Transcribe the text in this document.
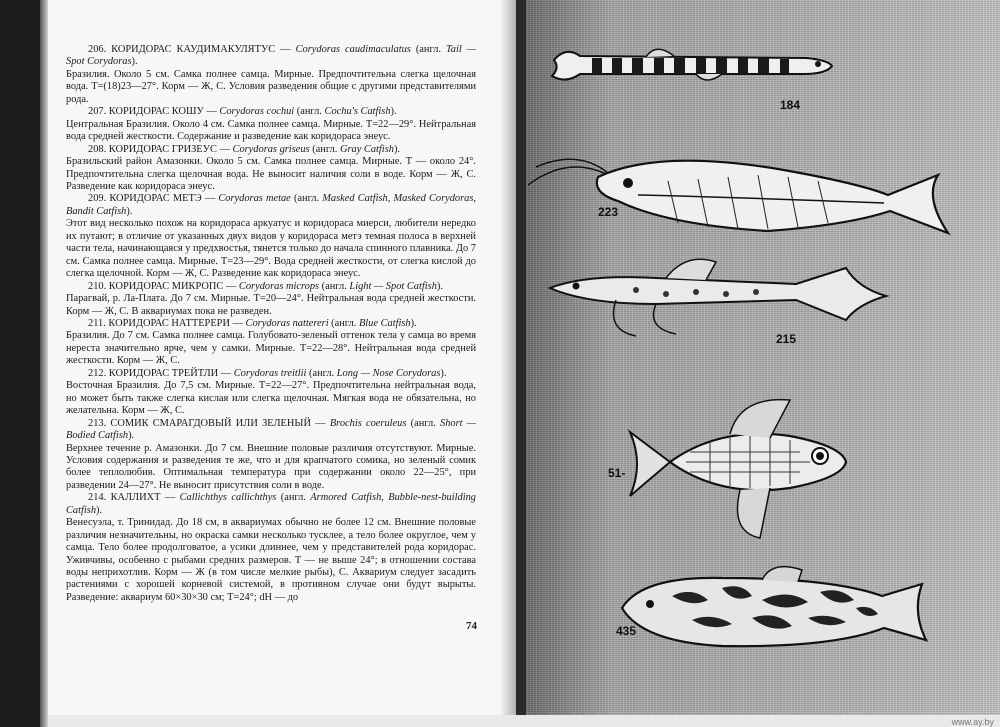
206. КОРИДОРАС КАУДИМАКУЛЯТУС — Corydoras caudimaculatus (англ. Tail — Spot Corydoras).

Бразилия. Около 5 см. Самка полнее самца. Мирные. Предпочтительна слегка щелочная вода. T=(18)23—27°. Корм — Ж, С. Условия разведения общие с другими представителями рода.

207. КОРИДОРАС КОШУ — Corydoras cochui (англ. Cochu's Catfish).

Центральная Бразилия. Около 4 см. Самка полнее самца. Мирные. T=22—29°. Нейтральная вода средней жесткости. Содержание и разведение как коридораса энеус.

208. КОРИДОРАС ГРИЗЕУС — Corydoras griseus (англ. Gray Catfish).

Бразильский район Амазонки. Около 5 см. Самка полнее самца. Мирные. T — около 24°. Предпочтительна слегка щелочная вода. Не выносит наличия соли в воде. Корм — Ж, С. Разведение как коридораса энеус.

209. КОРИДОРАС МЕТЭ — Corydoras metae (англ. Masked Catfish, Masked Corydoras, Bandit Catfish).

Этот вид несколько похож на коридораса аркуатус и коридораса миерси, любители нередко их путают; в отличие от указанных двух видов у коридораса метэ темная полоса в верхней части тела, начинающаяся у предхвостья, тянется только до начала спинного плавника. До 7 см. Самка полнее самца. Мирные. T=23—29°. Вода средней жесткости, от слегка кислой до слегка щелочной. Корм — Ж, С. Разведение как коридораса энеус.

210. КОРИДОРАС МИКРОПС — Corydoras microps (англ. Light — Spot Catfish).

Парагвай, р. Ла-Плата. До 7 см. Мирные. T=20—24°. Нейтральная вода средней жесткости. Корм — Ж, С. В аквариумах пока не разведен.

211. КОРИДОРАС НАТТЕРЕРИ — Corydoras nattereri (англ. Blue Catfish).

Бразилия. До 7 см. Самка полнее самца. Голубовато-зеленый оттенок тела у самца во время нереста значительно ярче, чем у самки. Мирные. T=22—28°. Нейтральная вода средней жесткости. Корм — Ж, С.

212. КОРИДОРАС ТРЕЙТЛИ — Corydoras treitlii (англ. Long — Nose Corydoras).

Восточная Бразилия. До 7,5 см. Мирные. T=22—27°. Предпочтительна нейтральная вода, но может быть также слегка кислая или слегка щелочная. Мягкая вода не обязательна, но желательна. Корм — Ж, С.

213. СОМИК СМАРАГДОВЫЙ ИЛИ ЗЕЛЕНЫЙ — Brochis coeruleus (англ. Short — Bodied Catfish).

Верхнее течение р. Амазонки. До 7 см. Внешние половые различия отсутствуют. Мирные. Условия содержания и разведения те же, что и для крапчатого сомика, но зеленый сомик более теплолюбив. Оптимальная температура при содержании около 22—25°, при разведении 24—27°. Не выносит присутствия соли в воде.

214. КАЛЛИХТ — Callichthys callichthys (англ. Armored Catfish, Bubble-nest-building Catfish).

Венесуэла, т. Тринидад. До 18 см, в аквариумах обычно не более 12 см. Внешние половые различия незначительны, но окраска самки несколько тусклее, а тело более округлое, чем у самца. Тело более продолговатое, а усики длиннее, чем у представителей рода коридорас. Уживчивы, особенно с рыбами средних размеров. T — не выше 24°; в отношении состава воды неприхотлив. Корм — Ж (в том числе мелкие рыбы), С. Аквариум следует засадить растениями с хорошей корневой системой, в противном случае они будут вырыты. Разведение: аквариум 60×30×30 см; T=24°; dH — до

74
184
223
215
51-
435
www.ay.by
